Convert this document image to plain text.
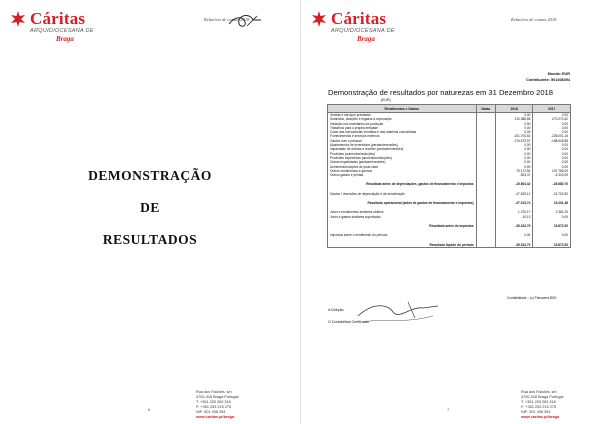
Cáritas
ARQUIDIOCESANA DE
Braga
Relatório de contas 2018
DEMONSTRAÇÃO
DE
RESULTADOS
Rua dos Falcões, s/n
4700-318 Braga Portugal
T: +351 253 263 316
F: +351 253 215 275
NIF: 501 408 394
www.caritas.pt/braga
6
Cáritas
ARQUIDIOCESANA DE
Braga
Relatório de contas 2018
Moeda: EUR
Contribuinte: 501408394
Demonstração de resultados por naturezas em 31 Dezembro 2018
(EUR)
Rendimentos e Gastos	Notas	2018	2017
Vendas e serviços prestados		0,00	0,00
Subsídios, doações e legados à exploração		210.388,65	270.274,62
Variação nos inventários da produção		0,00	0,00
Trabalhos para a própria entidade		0,00	0,00
Custo das mercadorias vendidas e das matérias consumidas		0,00	0,00
Fornecimentos e serviços externos		-101.704,63	-228.001,16
Gastos com o pessoal		-176.573,97	-188.618,65
Ajustamentos de inventários (perdas/reversões)		0,00	0,00
Imparidade de dívidas a receber (perdas/reversões)		0,00	0,00
Provisões (aumentos/reduções)		0,00	0,00
Provisões específicas (aumentos/reduções)		0,00	0,00
Outras imparidades (perdas/reversões)		0,00	0,00
Aumentos/reduções de justo valor		0,00	0,00
Outros rendimentos e ganhos		75.172,54	157.756,00
Outros gastos e perdas		-903,47	-4.320,09

Resultado antes de depreciações, gastos de financiamento e impostos		-15.604,32	-26.680,70

Gastos / reversões de depreciação e de amortização		-47.529,12	-22.702,50

Resultado operacional (antes de gastos de financiamento e impostos)		-37.013,74	15.201,36

Juros e rendimentos similares obtidos		1.700,17	2.381,20
Juros e gastos similares suportados		-10,13	0,00

Resultado antes de impostos		-35.323,70	15.872,52

Impostos sobre o rendimento do período		0,00	0,00

Resultado líquido do período		-35.323,70	15.872,52
Contabilidade – (c) Primavera BSS
A Direção
O Contabilista Certificado
Rua dos Falcões, s/n
4700-318 Braga Portugal
T: +351 253 263 316
F: +351 253 215 275
NIF: 501 408 394
www.caritas.pt/braga
7
